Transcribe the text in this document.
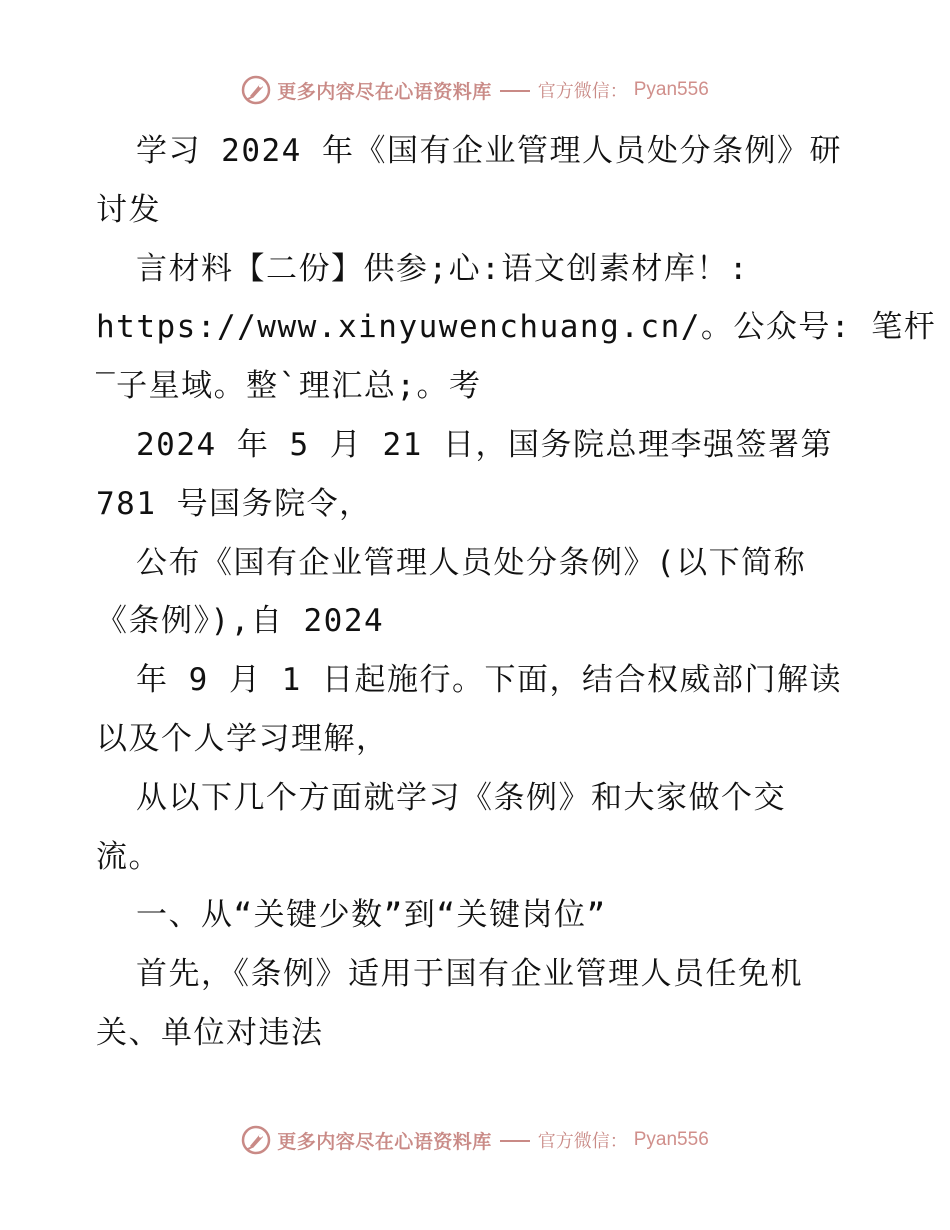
更多内容尽在心语资料库	官方微信： Pyan556
学习 2024 年《国有企业管理人员处分条例》研
讨发
言材料【二份】供参;心:语文创素材库！:
https://www.xinyuwenchuang.cn/。公众号: 笔杆
‾子星域。整`理汇总;。考
2024 年 5 月 21 日，国务院总理李强签署第
781 号国务院令，
公布《国有企业管理人员处分条例》(以下简称
《条例》),自 2024
年 9 月 1 日起施行。下面，结合权威部门解读
以及个人学习理解，
从以下几个方面就学习《条例》和大家做个交
流。
一、从“关键少数”到“关键岗位”
首先，《条例》适用于国有企业管理人员任免机
关、单位对违法
更多内容尽在心语资料库	官方微信： Pyan556
